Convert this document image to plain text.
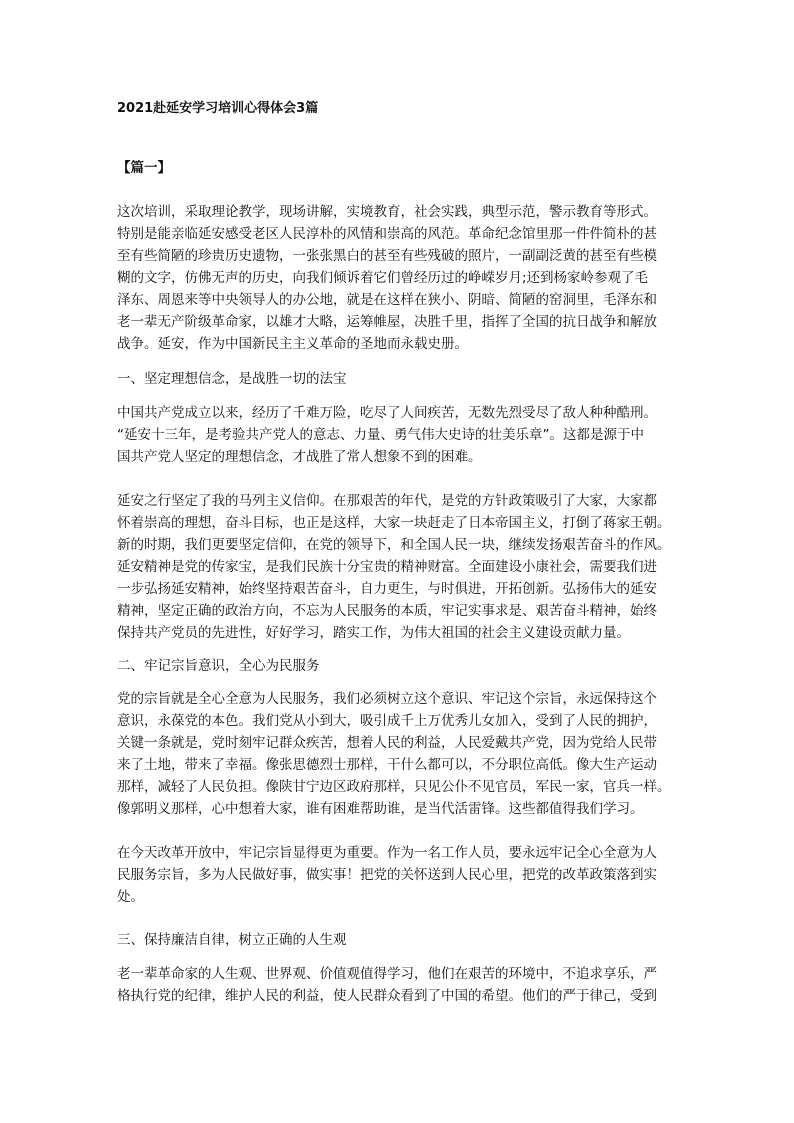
2021赴延安学习培训心得体会3篇
【篇一】
这次培训，采取理论教学，现场讲解，实境教育，社会实践，典型示范，警示教育等形式。
特别是能亲临延安感受老区人民淳朴的风情和崇高的风范。革命纪念馆里那一件件简朴的甚
至有些简陋的珍贵历史遗物，一张张黑白的甚至有些残破的照片，一副副泛黄的甚至有些模
糊的文字，仿佛无声的历史，向我们倾诉着它们曾经历过的峥嵘岁月;还到杨家岭参观了毛
泽东、周恩来等中央领导人的办公地，就是在这样在狭小、阴暗、简陋的窑洞里，毛泽东和
老一辈无产阶级革命家，以雄才大略，运筹帷屋，决胜千里，指挥了全国的抗日战争和解放
战争。延安，作为中国新民主主义革命的圣地而永载史册。
一、坚定理想信念，是战胜一切的法宝
中国共产党成立以来，经历了千难万险，吃尽了人间疾苦，无数先烈受尽了敌人种种酷刑。
“延安十三年，是考验共产党人的意志、力量、勇气伟大史诗的壮美乐章”。这都是源于中
国共产党人坚定的理想信念，才战胜了常人想象不到的困难。
延安之行坚定了我的马列主义信仰。在那艰苦的年代，是党的方针政策吸引了大家，大家都
怀着崇高的理想，奋斗目标，也正是这样，大家一块赶走了日本帝国主义，打倒了蒋家王朝。
新的时期，我们更要坚定信仰，在党的领导下，和全国人民一块，继续发扬艰苦奋斗的作风。
延安精神是党的传家宝，是我们民族十分宝贵的精神财富。全面建设小康社会，需要我们进
一步弘扬延安精神，始终坚持艰苦奋斗，自力更生，与时俱进，开拓创新。弘扬伟大的延安
精神，坚定正确的政治方向，不忘为人民服务的本质，牢记实事求是、艰苦奋斗精神，始终
保持共产党员的先进性，好好学习，踏实工作，为伟大祖国的社会主义建设贡献力量。
二、牢记宗旨意识，全心为民服务
党的宗旨就是全心全意为人民服务，我们必须树立这个意识、牢记这个宗旨，永远保持这个
意识，永葆党的本色。我们党从小到大，吸引成千上万优秀儿女加入，受到了人民的拥护，
关键一条就是，党时刻牢记群众疾苦，想着人民的利益，人民爱戴共产党，因为党给人民带
来了土地，带来了幸福。像张思德烈士那样，干什么都可以，不分职位高低。像大生产运动
那样，减轻了人民负担。像陕甘宁边区政府那样，只见公仆不见官员，军民一家，官兵一样。
像郭明义那样，心中想着大家，谁有困难帮助谁，是当代活雷锋。这些都值得我们学习。
在今天改革开放中，牢记宗旨显得更为重要。作为一名工作人员，要永远牢记全心全意为人
民服务宗旨，多为人民做好事，做实事！把党的关怀送到人民心里，把党的改革政策落到实
处。
三、保持廉洁自律，树立正确的人生观
老一辈革命家的人生观、世界观、价值观值得学习，他们在艰苦的环境中，不追求享乐，严
格执行党的纪律，维护人民的利益，使人民群众看到了中国的希望。他们的严于律己，受到
